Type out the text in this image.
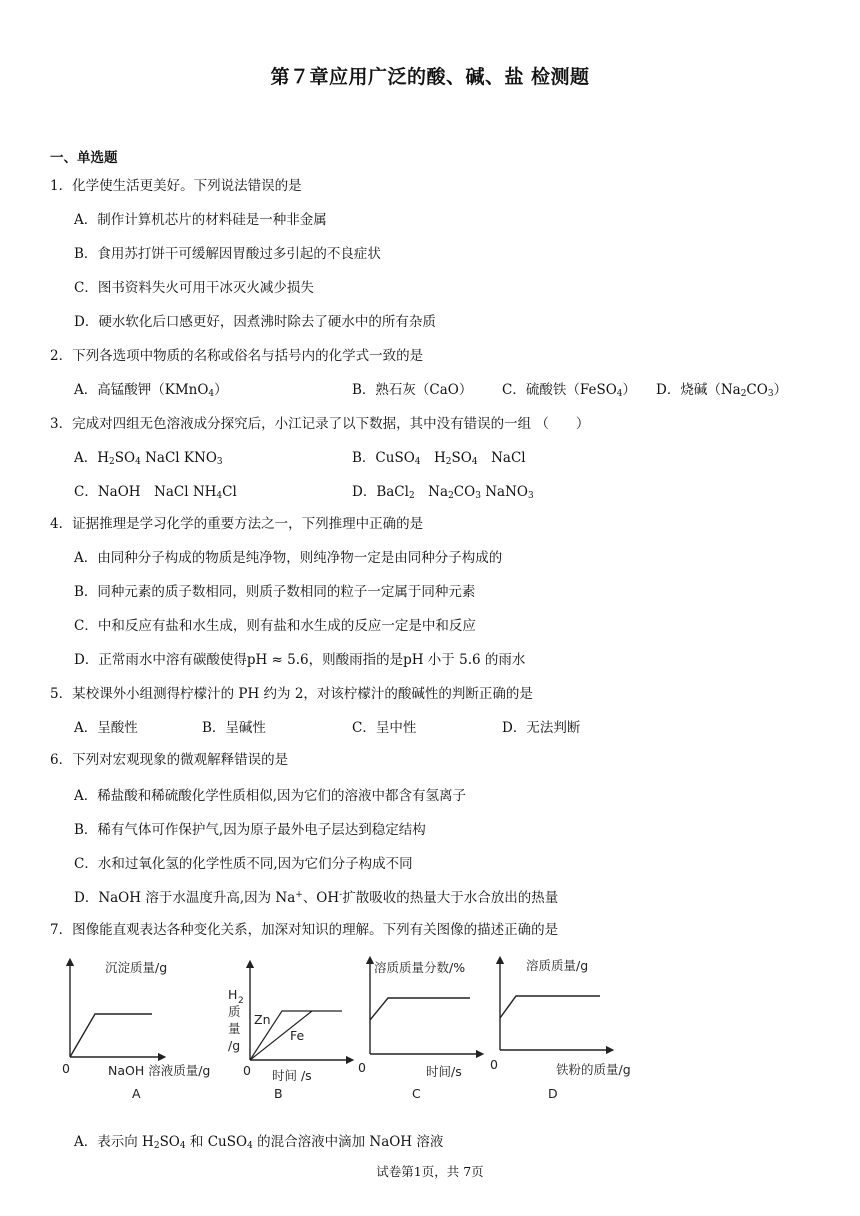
第７章应用广泛的酸、碱、盐 检测题
一、单选题
1．化学使生活更美好。下列说法错误的是
A．制作计算机芯片的材料硅是一种非金属
B．食用苏打饼干可缓解因胃酸过多引起的不良症状
C．图书资料失火可用干冰灭火减少损失
D．硬水软化后口感更好，因煮沸时除去了硬水中的所有杂质
2．下列各选项中物质的名称或俗名与括号内的化学式一致的是
A．高锰酸钾（KMnO$_4$）	B．熟石灰（CaO） C．硫酸铁（FeSO$_4$） D．烧碱$(Na_2CO_3)$
3．完成对四组无色溶液成分探究后，小江记录了以下数据，其中没有错误的一组 （　　）
A．$H_2SO_4$ NaCl $KNO_3$	B．CuSO$_4$　$H_2SO_4$　NaCl
C．NaOH　NaCl $NH_4Cl$	D．BaCl$_2$　$Na_2CO_3$ NaNO$_3$
4．证据推理是学习化学的重要方法之一，下列推理中正确的是
A．由同种分子构成的物质是纯净物，则纯净物一定是由同种分子构成的
B．同种元素的质子数相同，则质子数相同的粒子一定属于同种元素
C．中和反应有盐和水生成，则有盐和水生成的反应一定是中和反应
D．正常雨水中溶有碳酸使得pH ≈ 5.6，则酸雨指的是pH 小于 5.6 的雨水
5．某校课外小组测得柠檬汁的 PH 约为 2，对该柠檬汁的酸碱性的判断正确的是
A．呈酸性	B．呈碱性	C．呈中性	D．无法判断
6．下列对宏观现象的微观解释错误的是
A．稀盐酸和稀硫酸化学性质相似,因为它们的溶液中都含有氢离子
B．稀有气体可作保护气,因为原子最外电子层达到稳定结构
C．水和过氧化氢的化学性质不同,因为它们分子构成不同
D．NaOH 溶于水温度升高,因为 Na+、OH-扩散吸收的热量大于水合放出的热量
7．图像能直观表达各种变化关系，加深对知识的理解。下列有关图像的描述正确的是
沉淀质量/g
NaOH 溶液质量/g
0
A
H 2
质
量
/g
Zn
Fe
时间 /s
0
B
溶质质量分数/%
时间/s
0
C
溶质质量/g
铁粉的质量/g
0
D
A．表示向 $H_2SO_4$ 和 CuSO$_4$ 的混合溶液中滴加 NaOH 溶液
试卷第1页，共 7页
